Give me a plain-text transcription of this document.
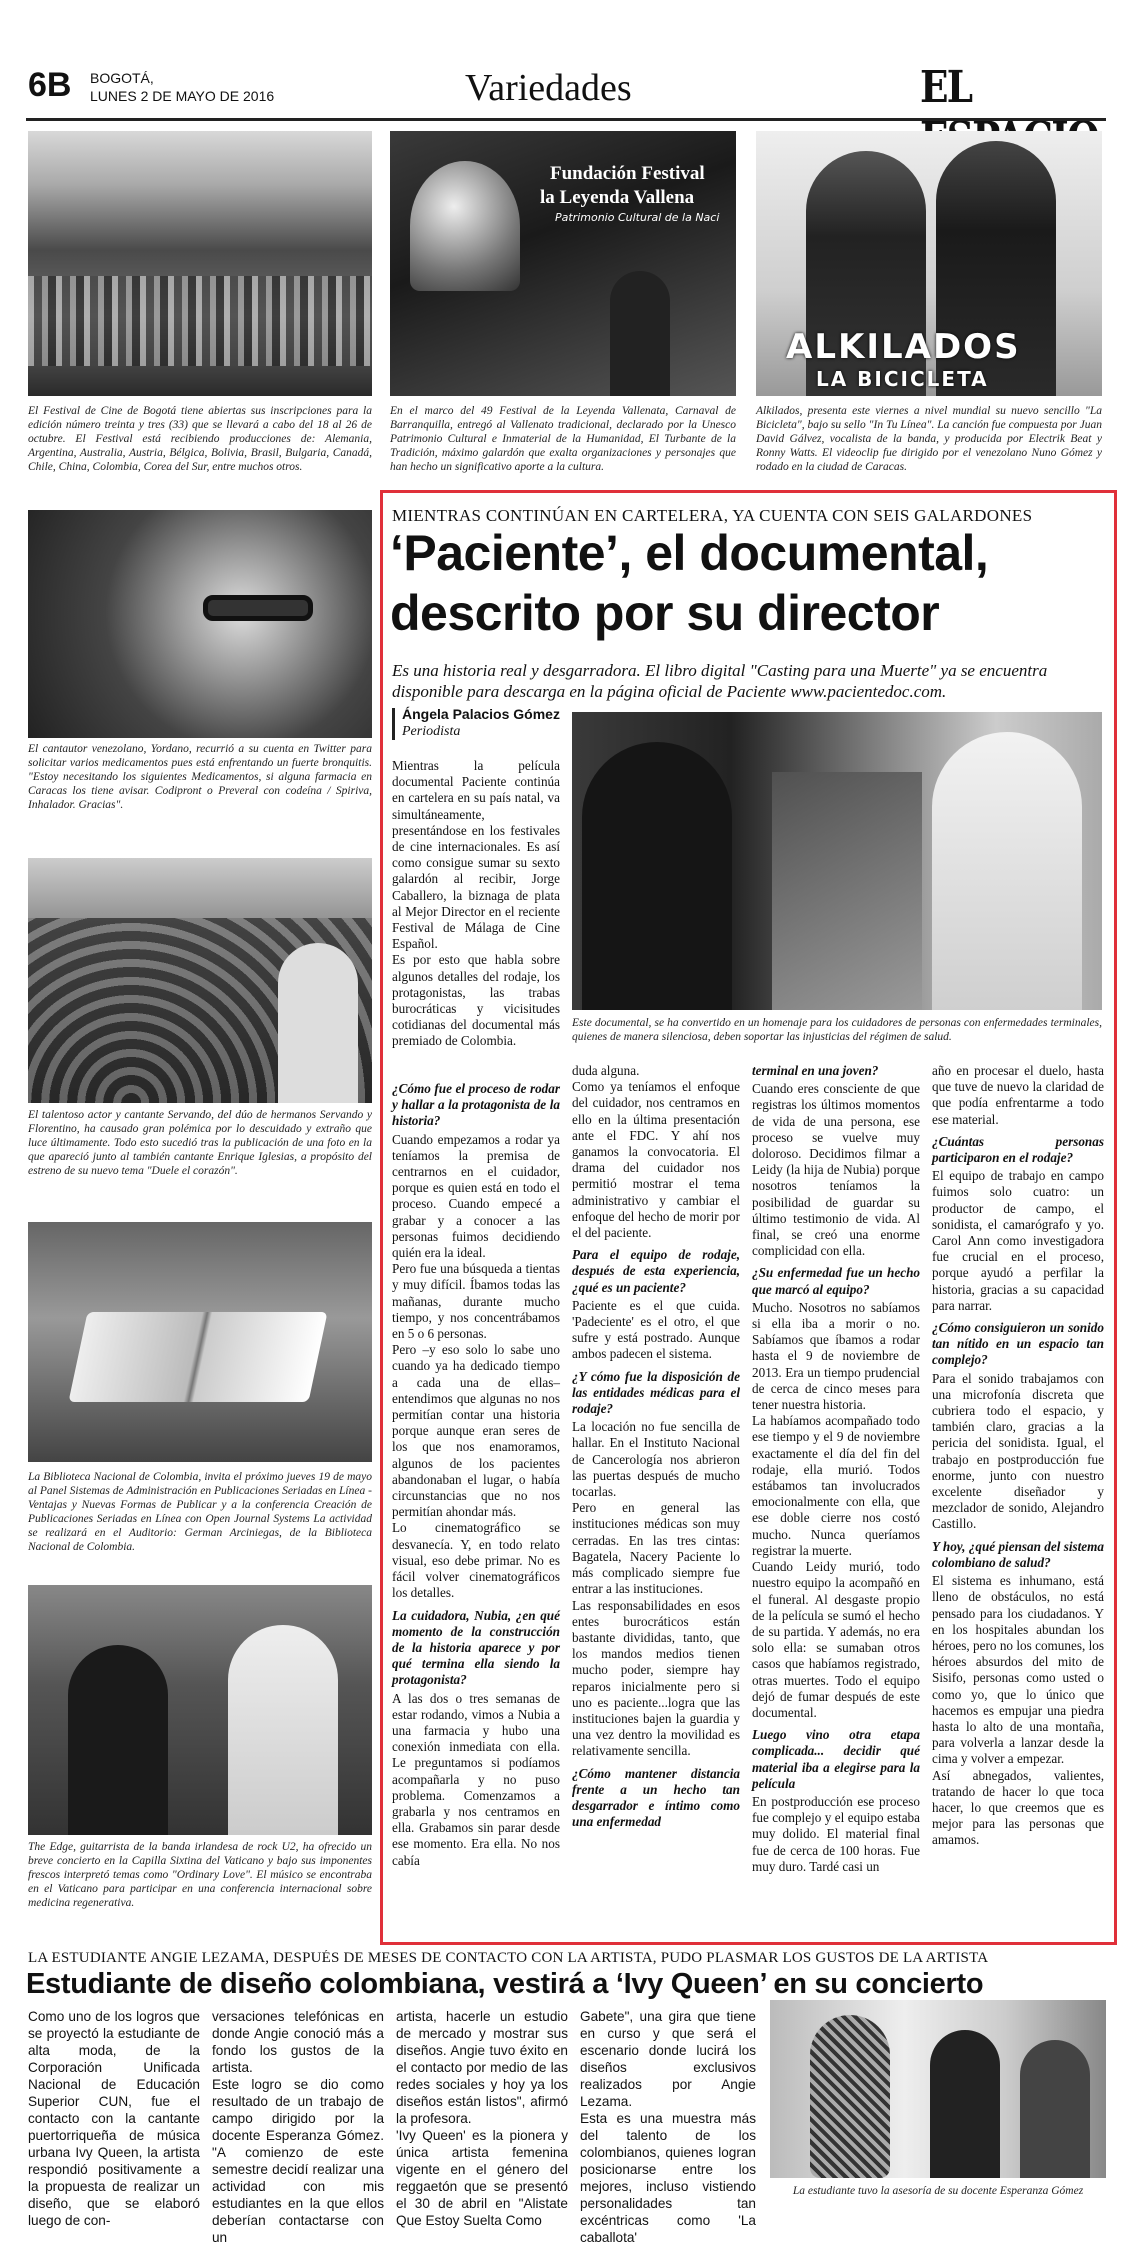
6B BOGOTÁ,
LUNES 2 DE MAYO DE 2016	Variedades	EL
El Festival de Cine de Bogotá tiene abiertas sus inscripciones para la edición número treinta y tres (33) que se llevará a cabo del 18 al 26 de octubre. El Festival está recibiendo producciones de: Alemania, Argentina, Australia, Austria, Bélgica, Bolivia, Brasil, Bulgaria, Canadá, Chile, China, Colombia, Corea del Sur, entre muchos otros.
Fundación Festival
la Leyenda Vallena
Patrimonio Cultural de la Naci
En el marco del 49 Festival de la Leyenda Vallenata, Carnaval de Barranquilla, entregó al Vallenato tradicional, declarado por la Unesco Patrimonio Cultural e Inmaterial de la Humanidad, El Turbante de la Tradición, máximo galardón que exalta organizaciones y personajes que han hecho un significativo aporte a la cultura.
ALKILADOS
LA BICICLETA
Alkilados, presenta este viernes a nivel mundial su nuevo sencillo "La Bicicleta", bajo su sello "In Tu Línea". La canción fue compuesta por Juan David Gálvez, vocalista de la banda, y producida por Electrik Beat y Ronny Watts. El videoclip fue dirigido por el venezolano Nuno Gómez y rodado en la ciudad de Caracas.
El cantautor venezolano, Yordano, recurrió a su cuenta en Twitter para solicitar varios medicamentos pues está enfrentando un fuerte bronquitis. "Estoy necesitando los siguientes Medicamentos, si alguna farmacia en Caracas los tiene avisar. Codipront o Preveral con codeína / Spiriva, Inhalador. Gracias".
El talentoso actor y cantante Servando, del dúo de hermanos Servando y Florentino, ha causado gran polémica por lo descuidado y extraño que luce últimamente. Todo esto sucedió tras la publicación de una foto en la que apareció junto al también cantante Enrique Iglesias, a propósito del estreno de su nuevo tema "Duele el corazón".
La Biblioteca Nacional de Colombia, invita el próximo jueves 19 de mayo al Panel Sistemas de Administración en Publicaciones Seriadas en Línea - Ventajas y Nuevas Formas de Publicar y a la conferencia Creación de Publicaciones Seriadas en Línea con Open Journal Systems La actividad se realizará en el Auditorio: German Arciniegas, de la Biblioteca Nacional de Colombia.
The Edge, guitarrista de la banda irlandesa de rock U2, ha ofrecido un breve concierto en la Capilla Sixtina del Vaticano y bajo sus imponentes frescos interpretó temas como "Ordinary Love". El músico se encontraba en el Vaticano para participar en una conferencia internacional sobre medicina regenerativa.
MIENTRAS CONTINÚAN EN CARTELERA, YA CUENTA CON SEIS GALARDONES
‘Paciente’, el documental,
descrito por su director
Es una historia real y desgarradora. El libro digital "Casting para una Muerte" ya se encuentra disponible para descarga en la página oficial de Paciente www.pacientedoc.com.
Ángela Palacios Gómez
Periodista

Mientras la película documental Paciente continúa en cartelera en su país natal, va simultáneamente, presentándose en los festivales de cine internacionales. Es así como consigue sumar su sexto galardón al recibir, Jorge Caballero, la biznaga de plata al Mejor Director en el reciente Festival de Málaga de Cine Español.
Es por esto que habla sobre algunos detalles del rodaje, los protagonistas, las trabas burocráticas y vicisitudes cotidianas del documental más premiado de Colombia.

Este documental, se ha convertido en un homenaje para los cuidadores de personas con enfermedades terminales, quienes de manera silenciosa, deben soportar las injusticias del régimen de salud.

¿Cómo fue el proceso de rodar y hallar a la protagonista de la historia?

Cuando empezamos a rodar ya teníamos la premisa de centrarnos en el cuidador, porque es quien está en todo el proceso. Cuando empecé a grabar y a conocer a las personas fuimos decidiendo quién era la ideal.
Pero fue una búsqueda a tientas y muy difícil. Íbamos todas las mañanas, durante mucho tiempo, y nos concentrábamos en 5 o 6 personas.
Pero –y eso solo lo sabe uno cuando ya ha dedicado tiempo a cada una de ellas– entendimos que algunas no nos permitían contar una historia porque aunque eran seres de los que nos enamoramos, algunos de los pacientes abandonaban el lugar, o había circunstancias que no nos permitían ahondar más.
Lo cinematográfico se desvanecía. Y, en todo relato visual, eso debe primar. No es fácil volver cinematográficos los detalles.

La cuidadora, Nubia, ¿en qué momento de la construcción de la historia aparece y por qué termina ella siendo la protagonista?

A las dos o tres semanas de estar rodando, vimos a Nubia a una farmacia y hubo una conexión inmediata con ella. Le preguntamos si podíamos acompañarla y no puso problema. Comenzamos a grabarla y nos centramos en ella. Grabamos sin parar desde ese momento. Era ella. No nos cabía

duda alguna.
Como ya teníamos el enfoque del cuidador, nos centramos en ello en la última presentación ante el FDC. Y ahí nos ganamos la convocatoria. El drama del cuidador nos permitió mostrar el tema administrativo y cambiar el enfoque del hecho de morir por el del paciente.

Para el equipo de rodaje, después de esta experiencia, ¿qué es un paciente?

Paciente es el que cuida. 'Padeciente' es el otro, el que sufre y está postrado. Aunque ambos padecen el sistema.

¿Y cómo fue la disposición de las entidades médicas para el rodaje?

La locación no fue sencilla de hallar. En el Instituto Nacional de Cancerología nos abrieron las puertas después de mucho tocarlas.
Pero en general las instituciones médicas son muy cerradas. En las tres cintas: Bagatela, Nacery Paciente lo más complicado siempre fue entrar a las instituciones.
Las responsabilidades en esos entes burocráticos están bastante divididas, tanto, que los mandos medios tienen mucho poder, siempre hay reparos inicialmente pero si uno es paciente...logra que las instituciones bajen la guardia y una vez dentro la movilidad es relativamente sencilla.

¿Cómo mantener distancia frente a un hecho tan desgarrador e íntimo como una enfermedad

terminal en una joven?

Cuando eres consciente de que registras los últimos momentos de vida de una persona, ese proceso se vuelve muy doloroso. Decidimos filmar a Leidy (la hija de Nubia) porque nosotros teníamos la posibilidad de guardar su último testimonio de vida. Al final, se creó una enorme complicidad con ella.

¿Su enfermedad fue un hecho que marcó al equipo?

Mucho. Nosotros no sabíamos si ella iba a morir o no. Sabíamos que íbamos a rodar hasta el 9 de noviembre de 2013. Era un tiempo prudencial de cerca de cinco meses para tener nuestra historia.
La habíamos acompañado todo ese tiempo y el 9 de noviembre exactamente el día del fin del rodaje, ella murió. Todos estábamos tan involucrados emocionalmente con ella, que ese doble cierre nos costó mucho. Nunca queríamos registrar la muerte.
Cuando Leidy murió, todo nuestro equipo la acompañó en el funeral. Al desgaste propio de la película se sumó el hecho de su partida. Y además, no era solo ella: se sumaban otros casos que habíamos registrado, otras muertes. Todo el equipo dejó de fumar después de este documental.

Luego vino otra etapa complicada... decidir qué material iba a elegirse para la película

En postproducción ese proceso fue complejo y el equipo estaba muy dolido. El material final fue de cerca de 100 horas. Fue muy duro. Tardé casi un

año en procesar el duelo, hasta que tuve de nuevo la claridad de que podía enfrentarme a todo ese material.

¿Cuántas personas participaron en el rodaje?

El equipo de trabajo en campo fuimos solo cuatro: un productor de campo, el sonidista, el camarógrafo y yo. Carol Ann como investigadora fue crucial en el proceso, porque ayudó a perfilar la historia, gracias a su capacidad para narrar.

¿Cómo consiguieron un sonido tan nítido en un espacio tan complejo?

Para el sonido trabajamos con una microfonía discreta que cubriera todo el espacio, y también claro, gracias a la pericia del sonidista. Igual, el trabajo en postproducción fue enorme, junto con nuestro excelente diseñador y mezclador de sonido, Alejandro Castillo.

Y hoy, ¿qué piensan del sistema colombiano de salud?

El sistema es inhumano, está lleno de obstáculos, no está pensado para los ciudadanos. Y en los hospitales abundan los héroes, pero no los comunes, los héroes absurdos del mito de Sisifo, personas como usted o como yo, que lo único que hacemos es empujar una piedra hasta lo alto de una montaña, para volverla a lanzar desde la cima y volver a empezar.
Así abnegados, valientes, tratando de hacer lo que toca hacer, lo que creemos que es mejor para las personas que amamos.

LA ESTUDIANTE ANGIE LEZAMA, DESPUÉS DE MESES DE CONTACTO CON LA ARTISTA, PUDO PLASMAR LOS GUSTOS DE LA ARTISTA
Estudiante de diseño colombiana, vestirá a ‘Ivy Queen’ en su concierto

Como uno de los logros que se proyectó la estudiante de alta moda, de la Corporación Unificada Nacional de Educación Superior CUN, fue el contacto con la cantante puertorriqueña de música urbana Ivy Queen, la artista respondió positivamente a la propuesta de realizar un diseño, que se elaboró luego de con-

versaciones telefónicas en donde Angie conoció más a fondo los gustos de la artista.
Este logro se dio como resultado de un trabajo de campo dirigido por la docente Esperanza Gómez. "A comienzo de este semestre decidí realizar una actividad con mis estudiantes en la que ellos deberían contactarse con un

artista, hacerle un estudio de mercado y mostrar sus diseños. Angie tuvo éxito en el contacto por medio de las redes sociales y hoy ya los diseños están listos", afirmó la profesora.
'Ivy Queen' es la pionera y única artista femenina vigente en el género del reggaetón que se presentó el 30 de abril en "Alistate Que Estoy Suelta Como

Gabete", una gira que tiene en curso y que será el escenario donde lucirá los diseños exclusivos realizados por Angie Lezama.
Esta es una muestra más del talento de los colombianos, quienes logran posicionarse entre los mejores, incluso vistiendo personalidades tan excéntricas como 'La caballota'

La estudiante tuvo la asesoría de su docente Esperanza Gómez
